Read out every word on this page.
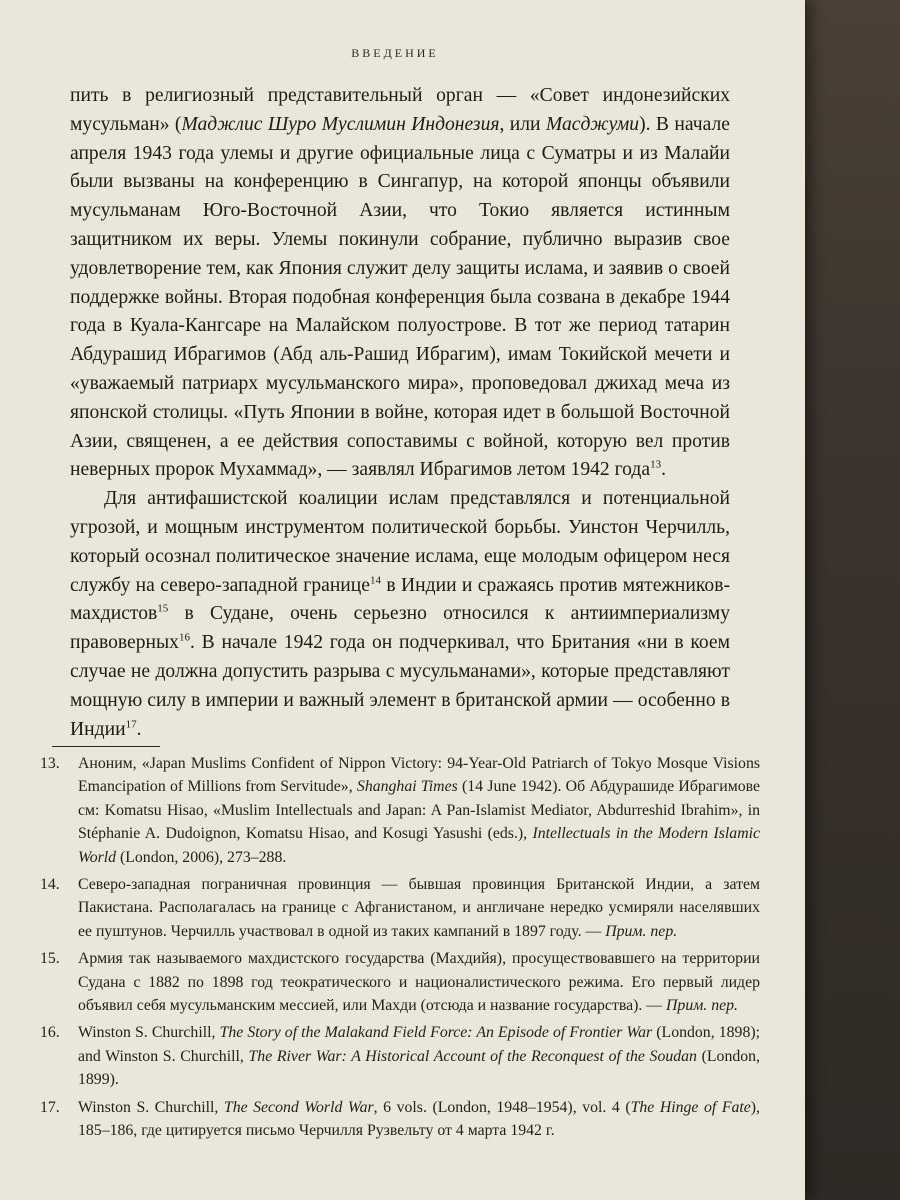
ВВЕДЕНИЕ

пить в религиозный представительный орган — «Совет индонезийских мусульман» (Маджлис Шуро Муслимин Индонезия, или Масджуми). В начале апреля 1943 года улемы и другие официальные лица с Суматры и из Малайи были вызваны на конференцию в Сингапур, на которой японцы объявили мусульманам Юго-Восточной Азии, что Токио является истинным защитником их веры. Улемы покинули собрание, публично выразив свое удовлетворение тем, как Япония служит делу защиты ислама, и заявив о своей поддержке войны. Вторая подобная конференция была созвана в декабре 1944 года в Куала-Кангсаре на Малайском полуострове. В тот же период татарин Абдурашид Ибрагимов (Абд аль-Рашид Ибрагим), имам Токийской мечети и «уважаемый патриарх мусульманского мира», проповедовал джихад меча из японской столицы. «Путь Японии в войне, которая идет в большой Восточной Азии, священен, а ее действия сопоставимы с войной, которую вел против неверных пророк Мухаммад», — заявлял Ибрагимов летом 1942 года$^{13}$.

Для антифашистской коалиции ислам представлялся и потенциальной угрозой, и мощным инструментом политической борьбы. Уинстон Черчилль, который осознал политическое значение ислама, еще молодым офицером неся службу на северо-западной границе$^{14}$ в Индии и сражаясь против мятежников-махдистов$^{15}$ в Судане, очень серьезно относился к антиимпериализму правоверных$^{16}$. В начале 1942 года он подчеркивал, что Британия «ни в коем случае не должна допустить разрыва с мусульманами», которые представляют мощную силу в империи и важный элемент в британской армии — особенно в Индии$^{17}$.

13. Аноним, «Japan Muslims Confident of Nippon Victory: 94-Year-Old Patriarch of Tokyo Mosque Visions Emancipation of Millions from Servitude», Shanghai Times (14 June 1942). Об Абдурашиде Ибрагимове см: Komatsu Hisao, «Muslim Intellectuals and Japan: A Pan-Islamist Mediator, Abdurreshid Ibrahim», in Stéphanie A. Dudoignon, Komatsu Hisao, and Kosugi Yasushi (eds.), Intellectuals in the Modern Islamic World (London, 2006), 273–288.

14. Северо-западная пограничная провинция — бывшая провинция Британской Индии, а затем Пакистана. Располагалась на границе с Афганистаном, и англичане нередко усмиряли населявших ее пуштунов. Черчилль участвовал в одной из таких кампаний в 1897 году. — Прим. пер.

15. Армия так называемого махдистского государства (Махдийя), просуществовавшего на территории Судана с 1882 по 1898 год теократического и националистического режима. Его первый лидер объявил себя мусульманским мессией, или Махди (отсюда и название государства). — Прим. пер.

16. Winston S. Churchill, The Story of the Malakand Field Force: An Episode of Frontier War (London, 1898); and Winston S. Churchill, The River War: A Historical Account of the Reconquest of the Soudan (London, 1899).

17. Winston S. Churchill, The Second World War, 6 vols. (London, 1948–1954), vol. 4 (The Hinge of Fate), 185–186, где цитируется письмо Черчилля Рузвельту от 4 марта 1942 г.
